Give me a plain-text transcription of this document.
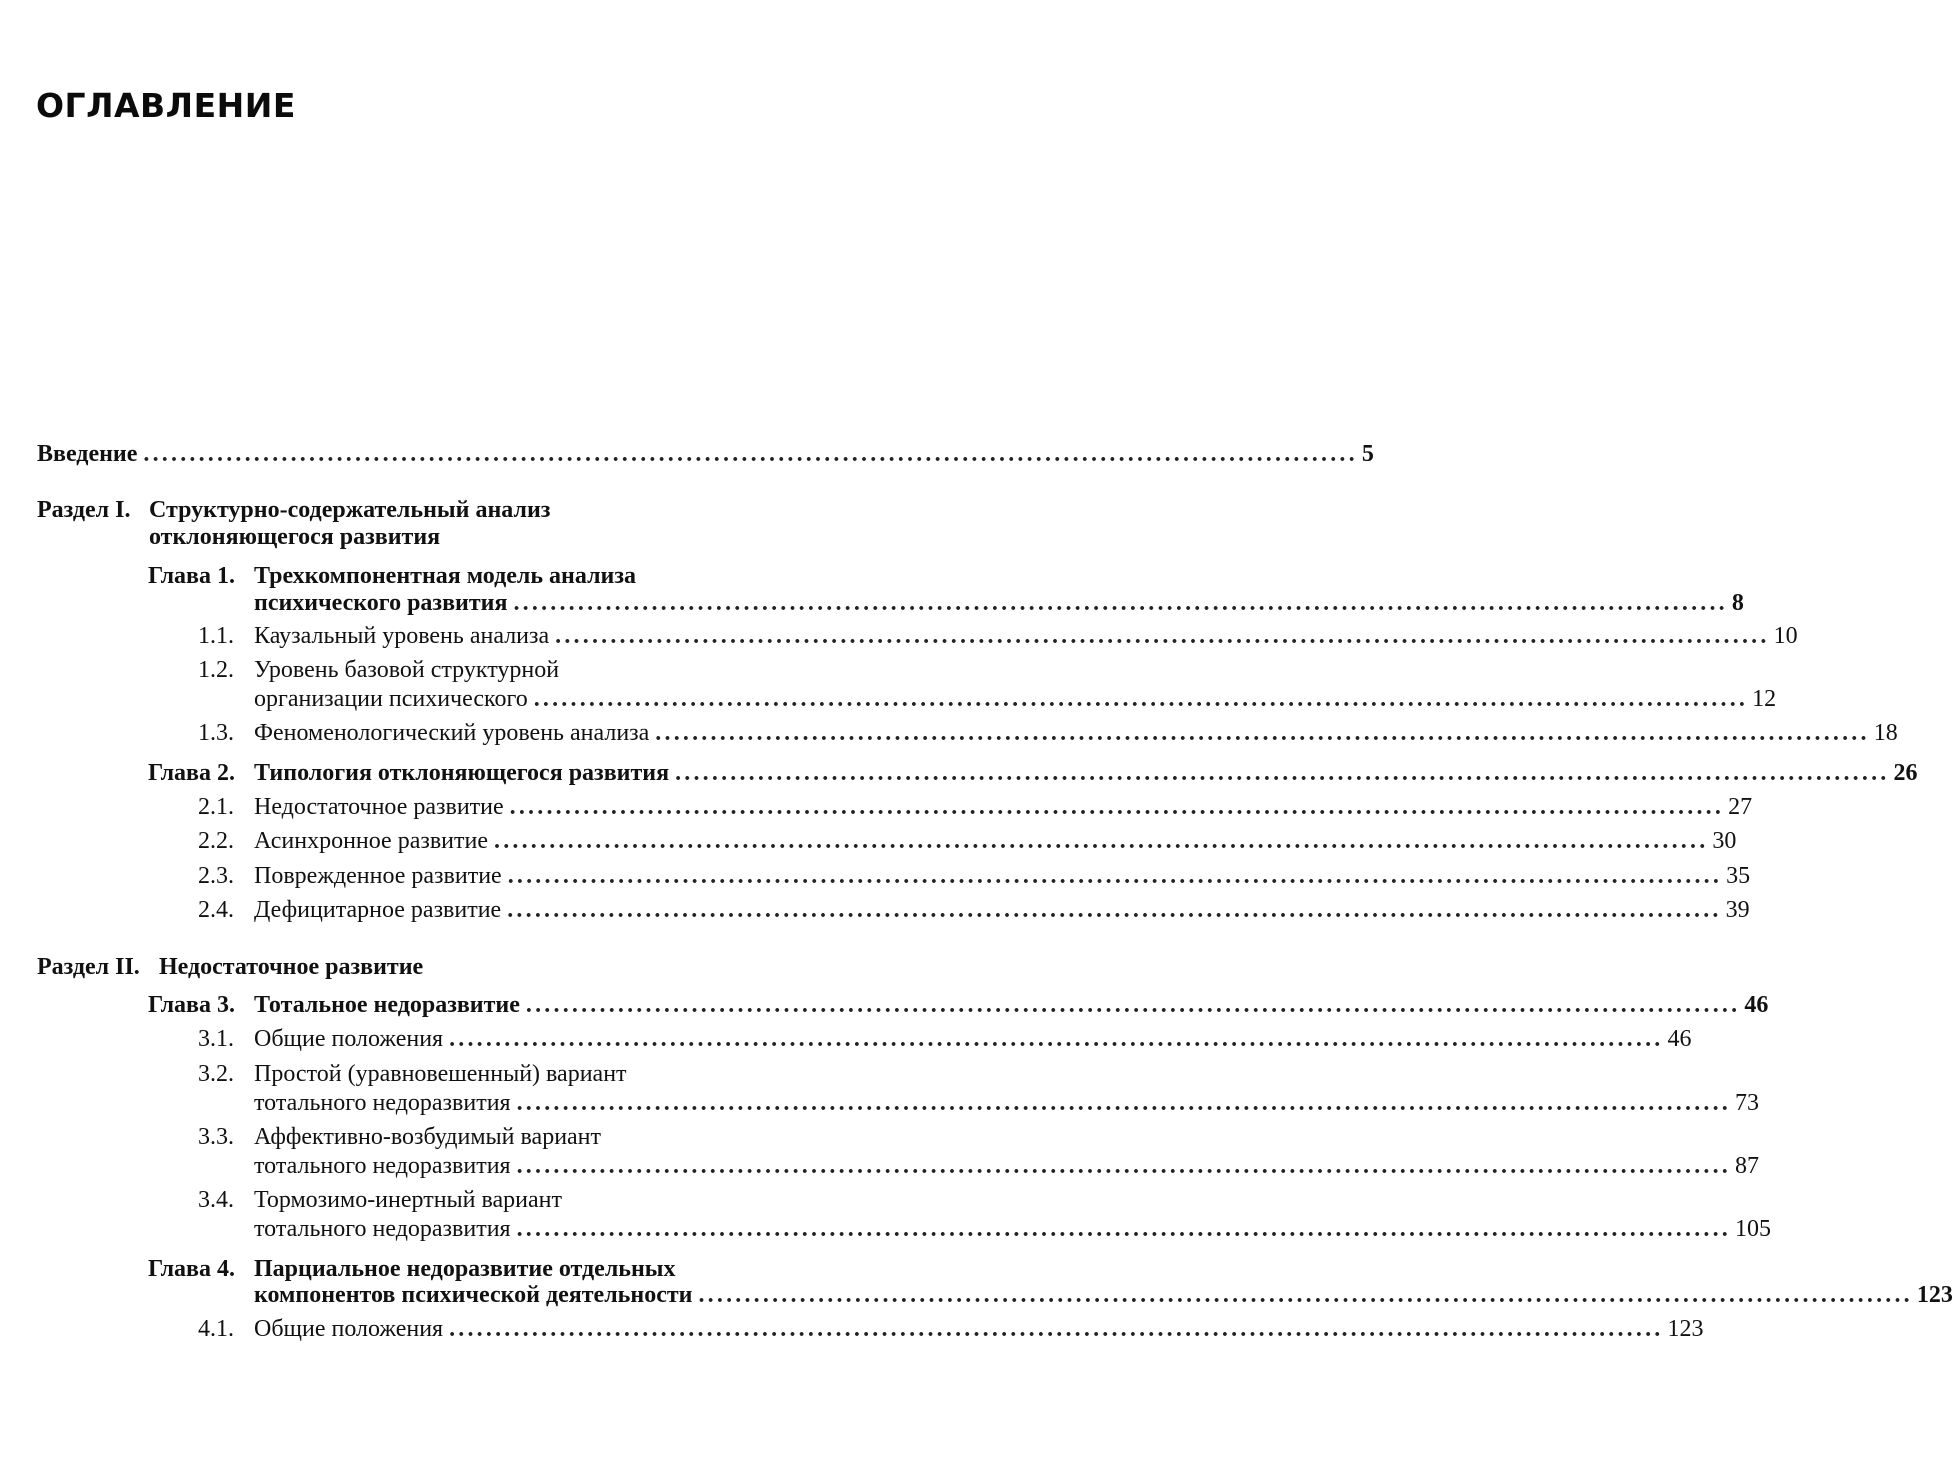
ОГЛАВЛЕНИЕ
Введение .................................................................................................................................... 5
Раздел I. Структурно-содержательный анализ
отклоняющегося развития
Глава 1. Трехкомпонентная модель анализа
психического развития .................................................................................................................................... 8
1.1. Каузальный уровень анализа .................................................................................................................................... 10
1.2. Уровень базовой структурной
организации психического .................................................................................................................................... 12
1.3. Феноменологический уровень анализа .................................................................................................................................... 18
Глава 2. Типология отклоняющегося развития .................................................................................................................................... 26
2.1. Недостаточное развитие .................................................................................................................................... 27
2.2. Асинхронное развитие .................................................................................................................................... 30
2.3. Поврежденное развитие .................................................................................................................................... 35
2.4. Дефицитарное развитие .................................................................................................................................... 39
Раздел II. Недостаточное развитие
Глава 3. Тотальное недоразвитие .................................................................................................................................... 46
3.1. Общие положения .................................................................................................................................... 46
3.2. Простой (уравновешенный) вариант
тотального недоразвития .................................................................................................................................... 73
3.3. Аффективно-возбудимый вариант
тотального недоразвития .................................................................................................................................... 87
3.4. Тормозимо-инертный вариант
тотального недоразвития .................................................................................................................................... 105
Глава 4. Парциальное недоразвитие отдельных
компонентов психической деятельности .................................................................................................................................... 123
4.1. Общие положения .................................................................................................................................... 123
